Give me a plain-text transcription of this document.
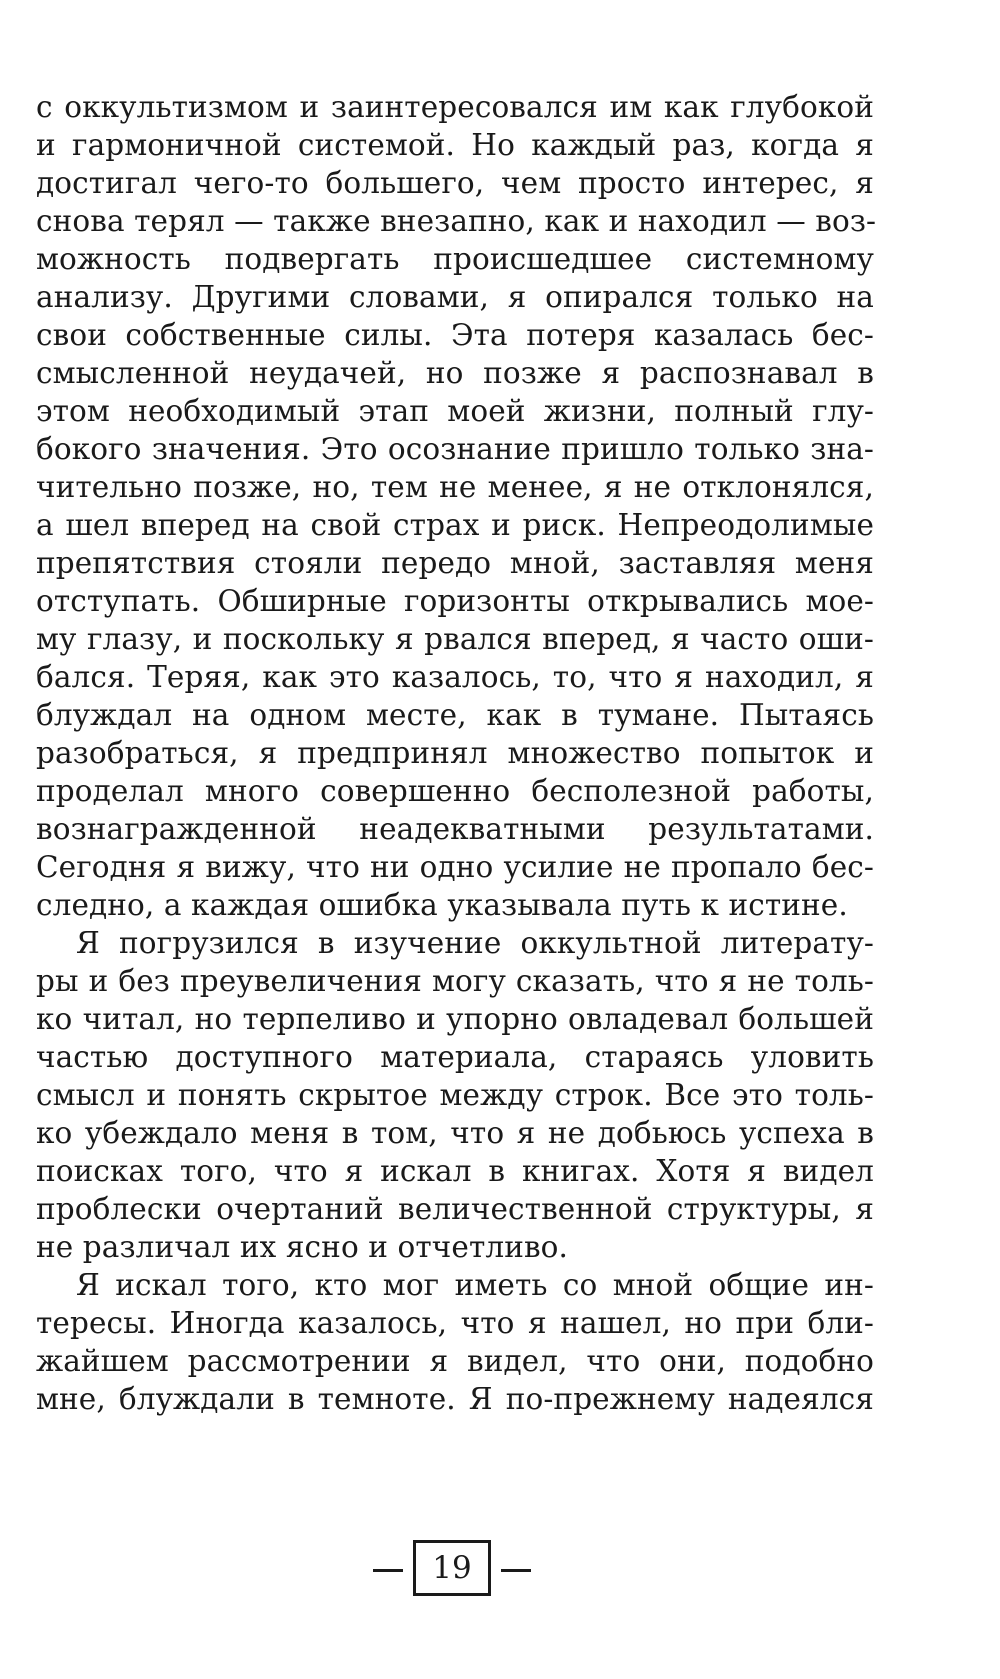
с оккультизмом и заинтересовался им как глубокой
и гармоничной системой. Но каждый раз, когда я
достигал чего-то большего, чем просто интерес, я
снова терял — также внезапно, как и находил — воз-
можность подвергать происшедшее системному
анализу. Другими словами, я опирался только на
свои собственные силы. Эта потеря казалась бес-
смысленной неудачей, но позже я распознавал в
этом необходимый этап моей жизни, полный глу-
бокого значения. Это осознание пришло только зна-
чительно позже, но, тем не менее, я не отклонялся,
а шел вперед на свой страх и риск. Непреодолимые
препятствия стояли передо мной, заставляя меня
отступать. Обширные горизонты открывались мое-
му глазу, и поскольку я рвался вперед, я часто оши-
бался. Теряя, как это казалось, то, что я находил, я
блуждал на одном месте, как в тумане. Пытаясь
разобраться, я предпринял множество попыток и
проделал много совершенно бесполезной работы,
вознагражденной неадекватными результатами.
Сегодня я вижу, что ни одно усилие не пропало бес-
следно, а каждая ошибка указывала путь к истине.
Я погрузился в изучение оккультной литерату-
ры и без преувеличения могу сказать, что я не толь-
ко читал, но терпеливо и упорно овладевал большей
частью доступного материала, стараясь уловить
смысл и понять скрытое между строк. Все это толь-
ко убеждало меня в том, что я не добьюсь успеха в
поисках того, что я искал в книгах. Хотя я видел
проблески очертаний величественной структуры, я
не различал их ясно и отчетливо.
Я искал того, кто мог иметь со мной общие ин-
тересы. Иногда казалось, что я нашел, но при бли-
жайшем рассмотрении я видел, что они, подобно
мне, блуждали в темноте. Я по-прежнему надеялся
19
